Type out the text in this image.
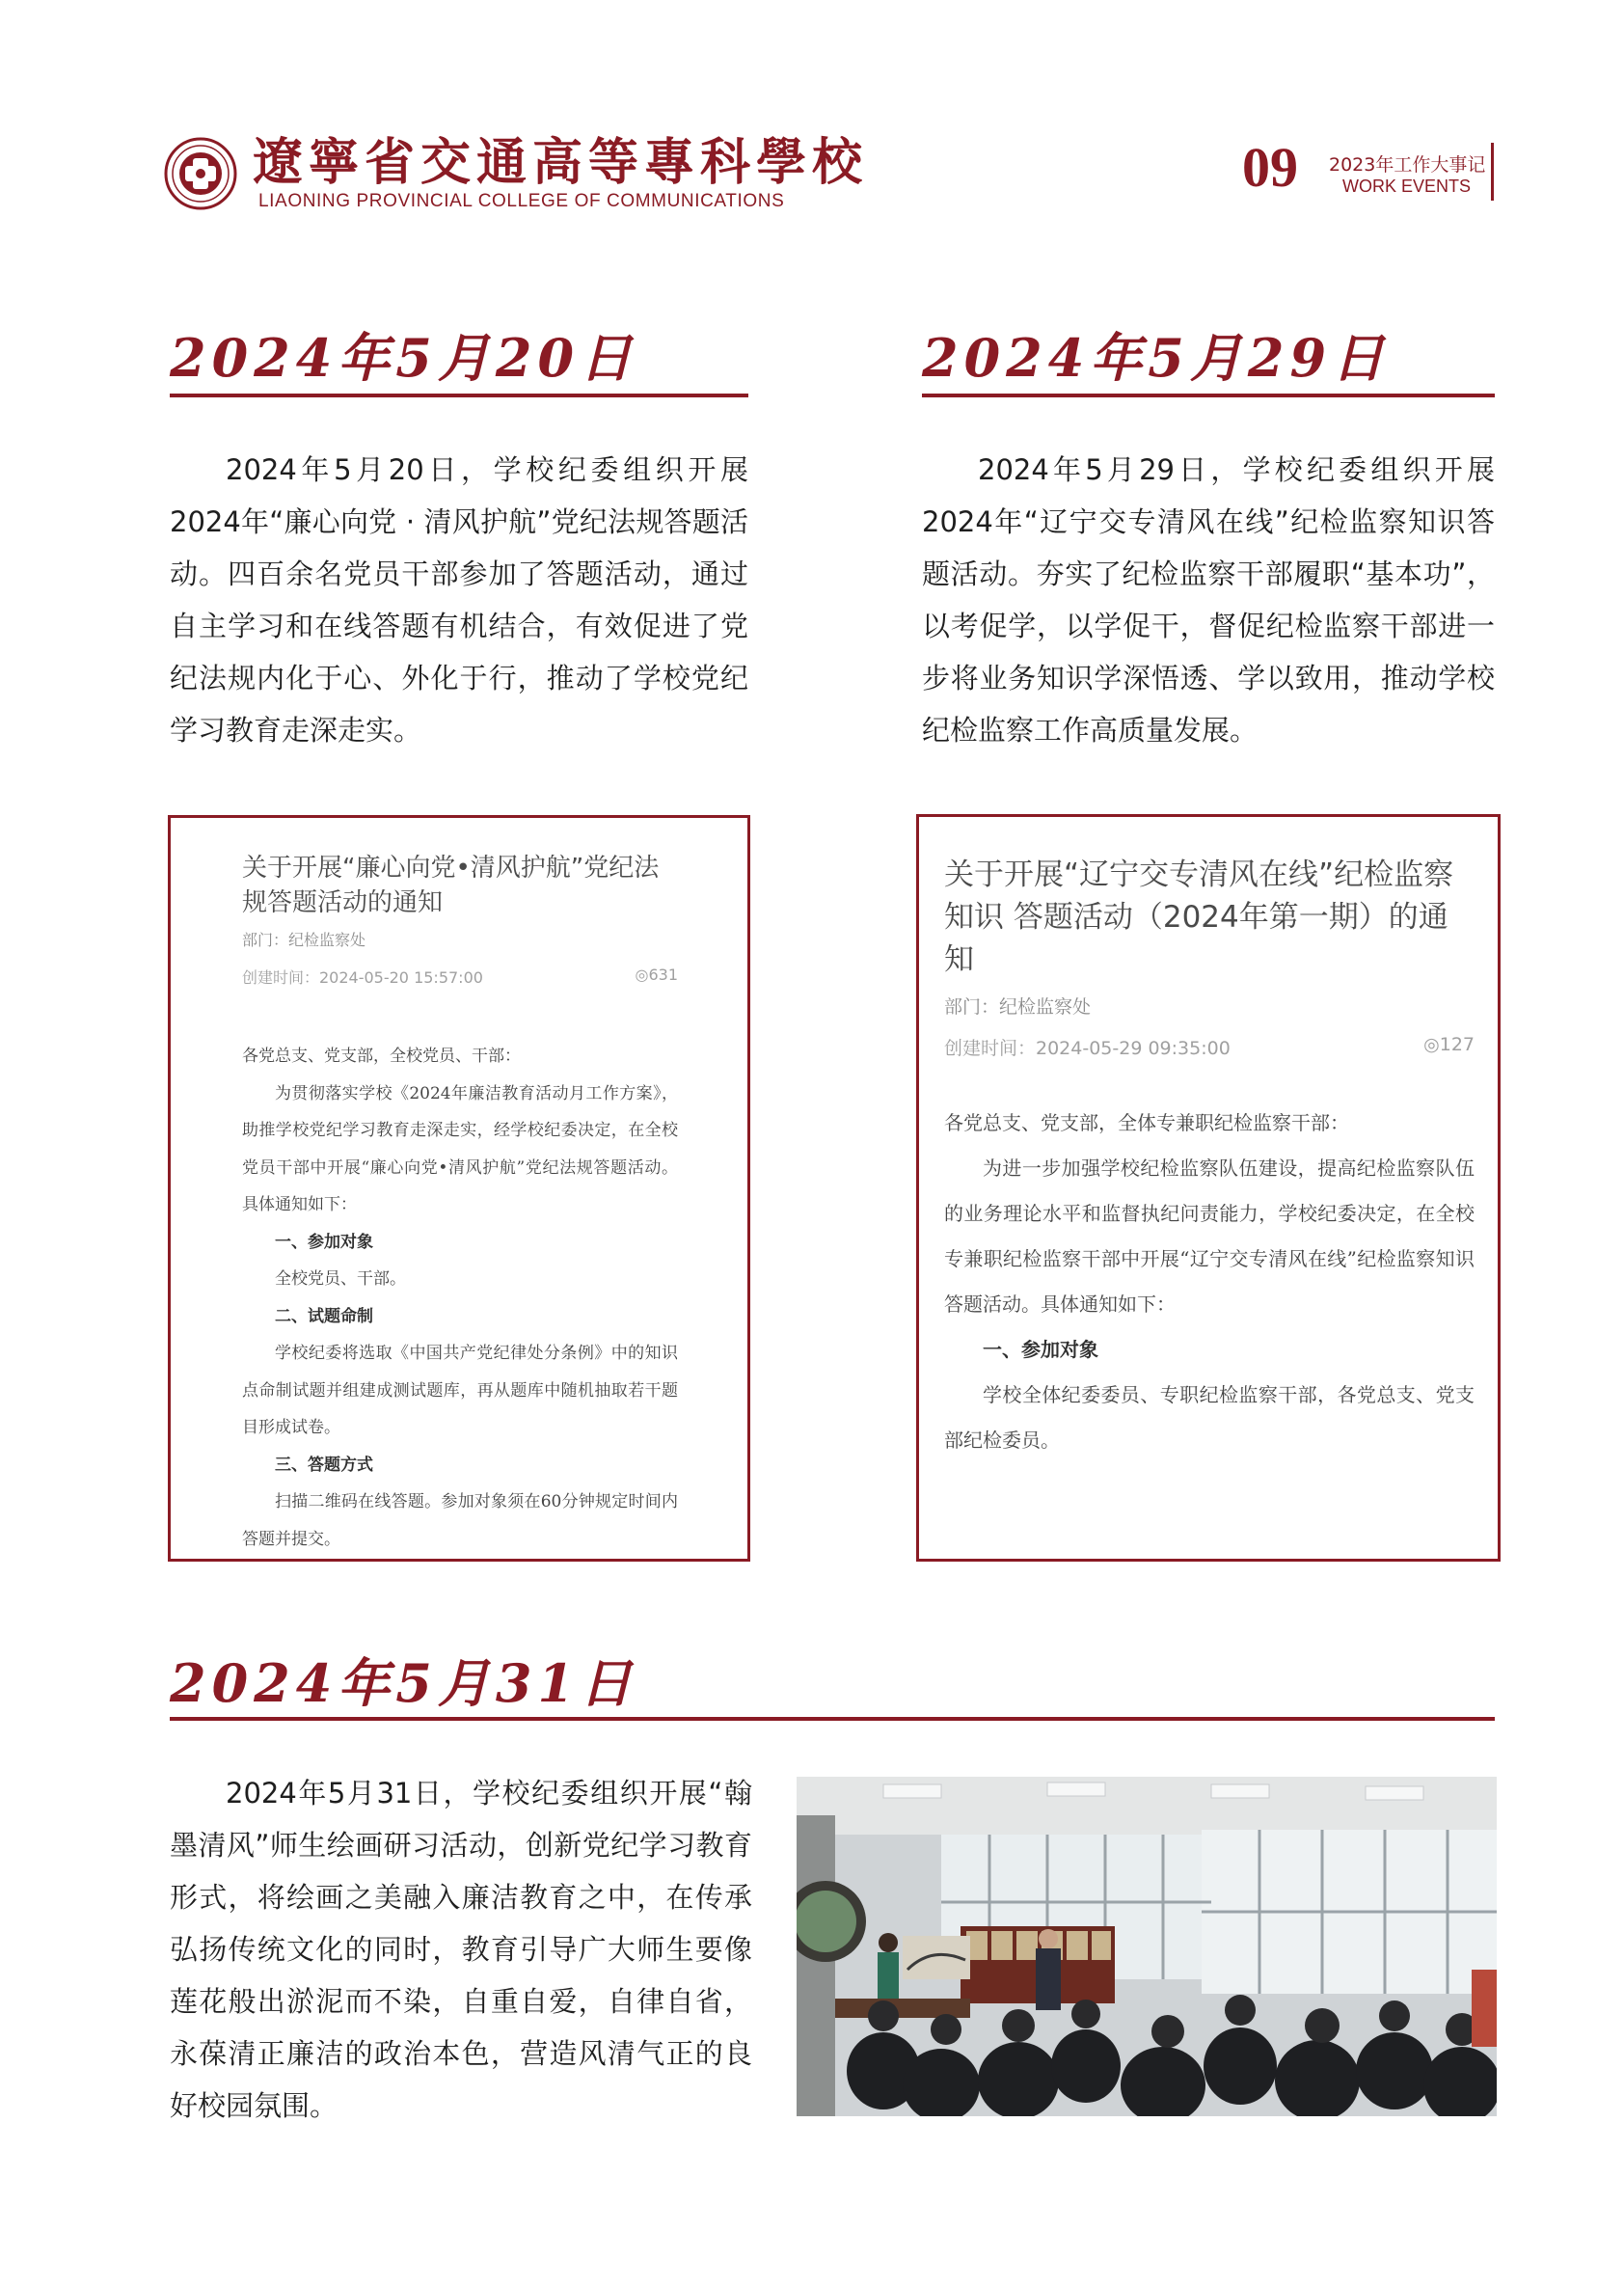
遼寧省交通高等專科學校
LIAONING PROVINCIAL COLLEGE OF COMMUNICATIONS
09 2023年工作大事记
WORK EVENTS
2024年5月20日
2024年5月20日，学校纪委组织开展2024年“廉心向党 · 清风护航”党纪法规答题活动。四百余名党员干部参加了答题活动，通过自主学习和在线答题有机结合，有效促进了党纪法规内化于心、外化于行，推动了学校党纪学习教育走深走实。
关于开展“廉心向党•清风护航”党纪法规答题活动的通知
部门：纪检监察处
创建时间：2024-05-20 15:57:00	◎631
各党总支、党支部，全校党员、干部：
为贯彻落实学校《2024年廉洁教育活动月工作方案》，助推学校党纪学习教育走深走实，经学校纪委决定，在全校党员干部中开展“廉心向党•清风护航”党纪法规答题活动。具体通知如下：
一、参加对象
全校党员、干部。
二、试题命制
学校纪委将选取《中国共产党纪律处分条例》中的知识点命制试题并组建成测试题库，再从题库中随机抽取若干题目形成试卷。
三、答题方式
扫描二维码在线答题。参加对象须在60分钟规定时间内答题并提交。
2024年5月29日
2024年5月29日，学校纪委组织开展2024年“辽宁交专清风在线”纪检监察知识答题活动。夯实了纪检监察干部履职“基本功”，以考促学，以学促干，督促纪检监察干部进一步将业务知识学深悟透、学以致用，推动学校纪检监察工作高质量发展。
关于开展“辽宁交专清风在线”纪检监察知识 答题活动（2024年第一期）的通知
部门：纪检监察处
创建时间：2024-05-29 09:35:00	◎127
各党总支、党支部，全体专兼职纪检监察干部：
为进一步加强学校纪检监察队伍建设，提高纪检监察队伍的业务理论水平和监督执纪问责能力，学校纪委决定，在全校专兼职纪检监察干部中开展“辽宁交专清风在线”纪检监察知识答题活动。具体通知如下：
一、参加对象
学校全体纪委委员、专职纪检监察干部，各党总支、党支部纪检委员。
2024年5月31日
2024年5月31日，学校纪委组织开展“翰墨清风”师生绘画研习活动，创新党纪学习教育形式，将绘画之美融入廉洁教育之中，在传承弘扬传统文化的同时，教育引导广大师生要像莲花般出淤泥而不染，自重自爱，自律自省，永葆清正廉洁的政治本色，营造风清气正的良好校园氛围。
